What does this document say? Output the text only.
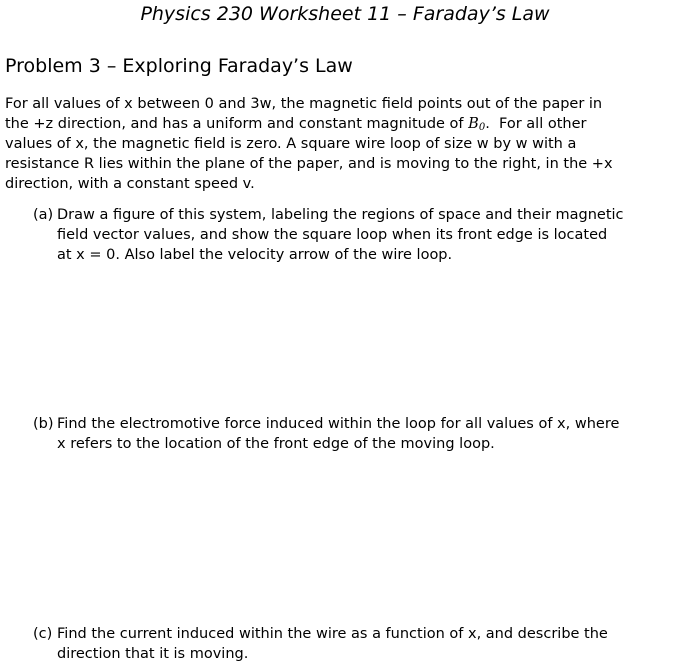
Physics 230 Worksheet 11 – Faraday’s Law
Problem 3 – Exploring Faraday’s Law
For all values of x between 0 and 3w, the magnetic field points out of the paper in
the +z direction, and has a uniform and constant magnitude of $B_0$.  For all other
values of x, the magnetic field is zero. A square wire loop of size w by w with a
resistance R lies within the plane of the paper, and is moving to the right, in the +x
direction, with a constant speed v.
(a) Draw a figure of this system, labeling the regions of space and their magnetic
field vector values, and show the square loop when its front edge is located
at x = 0. Also label the velocity arrow of the wire loop.
(b) Find the electromotive force induced within the loop for all values of x, where
x refers to the location of the front edge of the moving loop.
(c) Find the current induced within the wire as a function of x, and describe the
direction that it is moving.
